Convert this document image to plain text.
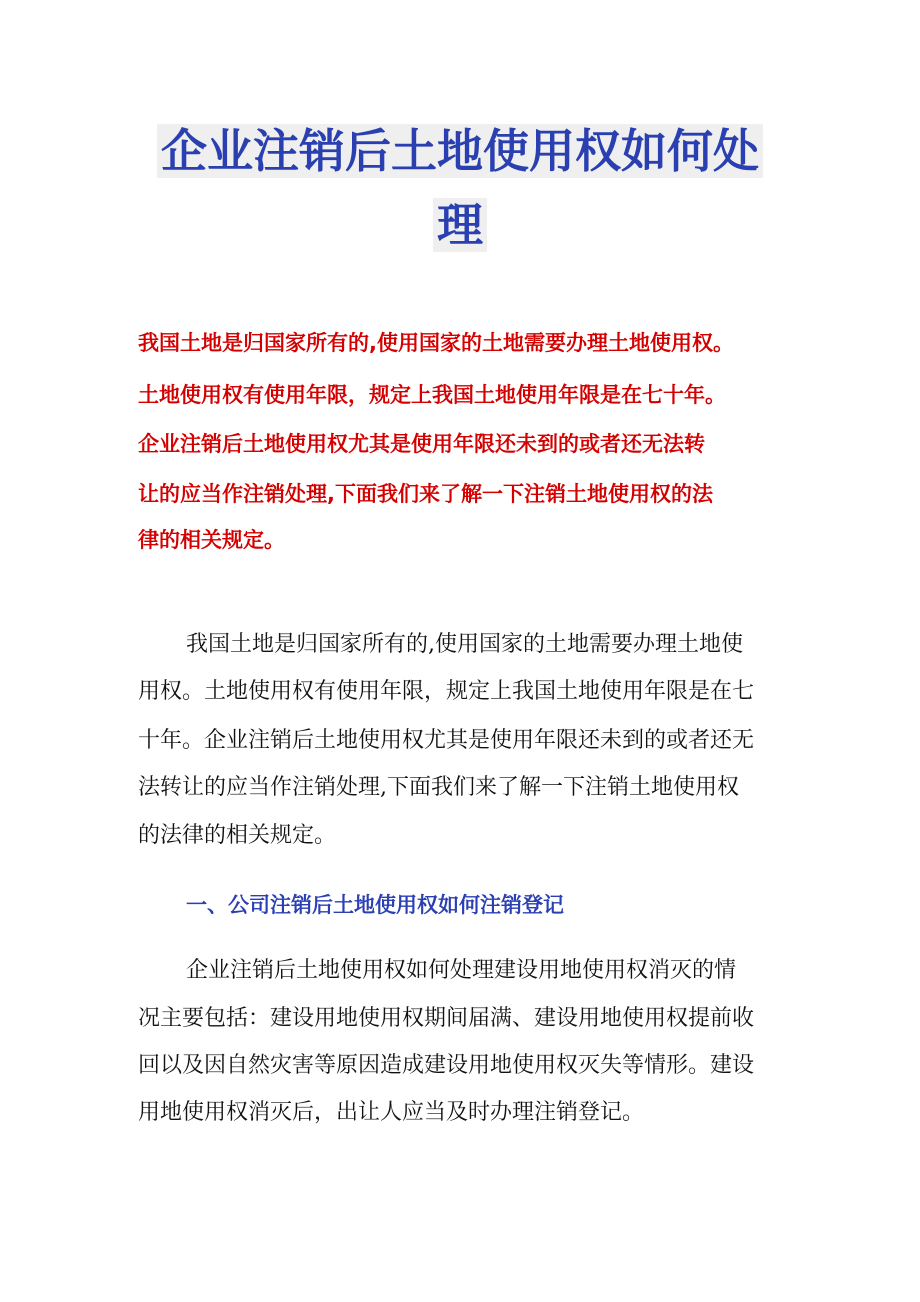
企业注销后土地使用权如何处
理
我国土地是归国家所有的,使用国家的土地需要办理土地使用权。
土地使用权有使用年限，规定上我国土地使用年限是在七十年。
企业注销后土地使用权尤其是使用年限还未到的或者还无法转
让的应当作注销处理,下面我们来了解一下注销土地使用权的法
律的相关规定。
我国土地是归国家所有的,使用国家的土地需要办理土地使
用权。土地使用权有使用年限，规定上我国土地使用年限是在七
十年。企业注销后土地使用权尤其是使用年限还未到的或者还无
法转让的应当作注销处理,下面我们来了解一下注销土地使用权
的法律的相关规定。
一、公司注销后土地使用权如何注销登记
企业注销后土地使用权如何处理建设用地使用权消灭的情
况主要包括：建设用地使用权期间届满、建设用地使用权提前收
回以及因自然灾害等原因造成建设用地使用权灭失等情形。建设
用地使用权消灭后，出让人应当及时办理注销登记。
